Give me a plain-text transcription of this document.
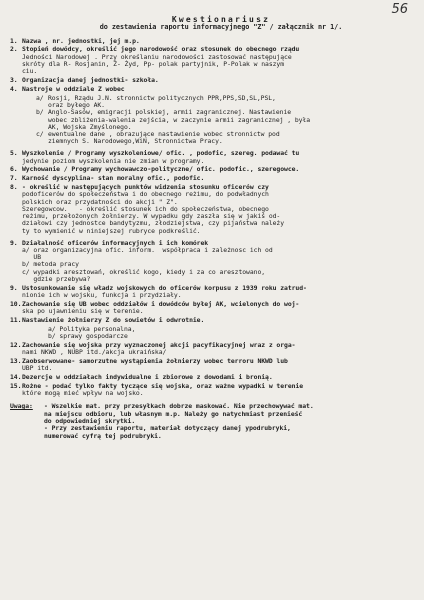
56
Kwestionariusz
do zestawienia raportu informacyjnego "Z" / załącznik nr 1/.
1. Nazwa , nr. jednostki, jej m.p.
2. Stopień dowódcy, określić jego narodowość oraz stosunek do obecnego rządu
Jedności Narodowej . Przy określaniu narodowości zastosować następujące
skróty dla R- Rosjanin, Ż- Żyd, Pp- polak partyjnik, P-Polak w naszym
ciu.
3. Organizacja danej jednostki- szkoła.
4. Nastroje w oddziale Z wobec
a/ Rosji, Rządu J.N. stronnictw politycznych PPR,PPS,SD,SL,PSL,
oraz byłego AK.
b/ Anglo-Sasów, emigracji polskiej, armii zagranicznej. Nastawienie
wobec zbliżenia-walenia zejścia, w zaczynie armii zagranicznej , była
AK, Wojska Zmyślonego.
c/ ewentualne dane , obrazujące nastawienie wobec stronnictw pod
ziemnych S. Narodowego,WiN, Stronnictwa Pracy.
5. Wyszkolenie / Programy wyszkoleniowe/ ofic. , podofic, szereg. podawać tu
jedynie poziom wyszkolenia nie zmian w programy.
6. Wychowanie / Programy wychowawczo-polityczne/ ofic. podofic., szeregowce.
7. Karność dyscyplina- stan moralny ofic., podofic.
8. - określić w następujących punktów widzenia stosunku oficerów czy
podoficerów do społeczeństwa i do obecnego reżimu, do podwładnych
polskich oraz przydatności do akcji " Z".
Szeregowcow.   - określić stosunek ich do społeczeństwa, obecnego
reżimu, przełożonych żołnierzy. W wypadku gdy zaszła się w jakiś od-
działowi czy jednostce bandytyzmu, złodziejstwa, czy pijaństwa należy
ty to wymienić w niniejszej rubryce podkreślić.
9. Działalność oficerów informacyjnych i ich komórek
a/ oraz organizacyjna ofic. inform.  współpraca i zależnosc ich od
UB
b/ metoda pracy
c/ wypadki aresztowań, określić kogo, kiedy i za co aresztowano,
gdzie przebywa?
9. Ustosunkowanie się władz wojskowych do oficerów korpusu z 1939 roku zatrud-
nionie ich w wojsku, funkcja i przydziały.
10. Zachowanie się UB wobec oddziałów i dowódców byłej AK, wcielonych do woj-
ska po ujawnieniu się w terenie.
11. Nastawienie żołnierzy Z do sowietów i odwrotnie.
a/ Polityka personalna,
b/ sprawy gospodarcze
12. Zachowanie się wojska przy wyznaczonej akcji pacyfikacyjnej wraz z orga-
nami NKWD , NUBP itd./akcja ukraińska/
13. Zaobserwowane- samorzutne wystąpienia żołnierzy wobec terroru NKWD lub
UBP itd.
14. Dezercje w oddziałach indywidualne i zbiorowe z dowodami i bronią.
15. Rożne - podać tylko fakty tyczące się wojska, oraz ważne wypadki w terenie
które mogą mieć wpływ na wojsko.
Uwaga:	- Wszelkie mat. przy przesyłkach dobrze maskować. Nie przechowywać mat.
na miejscu odbioru, lub własnym m.p. Należy go natychmiast przenieść
do odpowiedniej skrytki.
- Przy zestawieniu raportu, materiał dotyczący danej ypodrubryki,
numerować cyfrą tej podrubryki.
